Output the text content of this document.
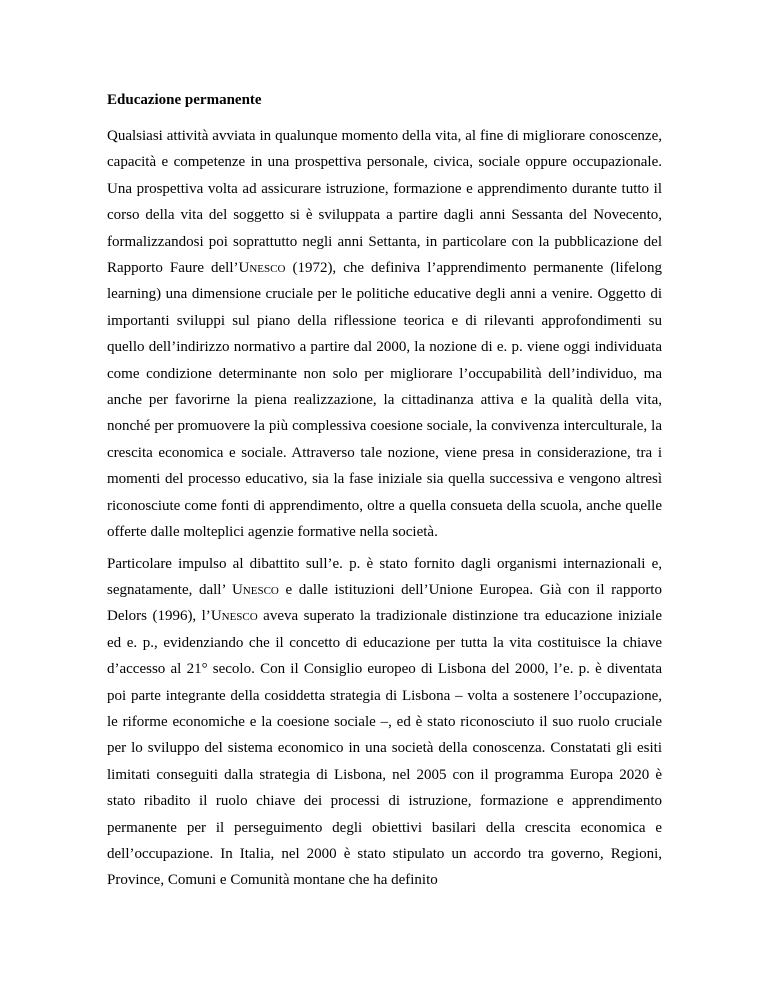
Educazione permanente

Qualsiasi attività avviata in qualunque momento della vita, al fine di migliorare conoscenze, capacità e competenze in una prospettiva personale, civica, sociale oppure occupazionale. Una prospettiva volta ad assicurare istruzione, formazione e apprendimento durante tutto il corso della vita del soggetto si è sviluppata a partire dagli anni Sessanta del Novecento, formalizzandosi poi soprattutto negli anni Settanta, in particolare con la pubblicazione del Rapporto Faure dell’Unesco (1972), che definiva l’apprendimento permanente (lifelong learning) una dimensione cruciale per le politiche educative degli anni a venire. Oggetto di importanti sviluppi sul piano della riflessione teorica e di rilevanti approfondimenti su quello dell’indirizzo normativo a partire dal 2000, la nozione di e. p. viene oggi individuata come condizione determinante non solo per migliorare l’occupabilità dell’individuo, ma anche per favorirne la piena realizzazione, la cittadinanza attiva e la qualità della vita, nonché per promuovere la più complessiva coesione sociale, la convivenza interculturale, la crescita economica e sociale. Attraverso tale nozione, viene presa in considerazione, tra i momenti del processo educativo, sia la fase iniziale sia quella successiva e vengono altresì riconosciute come fonti di apprendimento, oltre a quella consueta della scuola, anche quelle offerte dalle molteplici agenzie formative nella società.

Particolare impulso al dibattito sull’e. p. è stato fornito dagli organismi internazionali e, segnatamente, dall’ Unesco e dalle istituzioni dell’Unione Europea. Già con il rapporto Delors (1996), l’Unesco aveva superato la tradizionale distinzione tra educazione iniziale ed e. p., evidenziando che il concetto di educazione per tutta la vita costituisce la chiave d’accesso al 21° secolo. Con il Consiglio europeo di Lisbona del 2000, l’e. p. è diventata poi parte integrante della cosiddetta strategia di Lisbona – volta a sostenere l’occupazione, le riforme economiche e la coesione sociale –, ed è stato riconosciuto il suo ruolo cruciale per lo sviluppo del sistema economico in una società della conoscenza. Constatati gli esiti limitati conseguiti dalla strategia di Lisbona, nel 2005 con il programma Europa 2020 è stato ribadito il ruolo chiave dei processi di istruzione, formazione e apprendimento permanente per il perseguimento degli obiettivi basilari della crescita economica e dell’occupazione. In Italia, nel 2000 è stato stipulato un accordo tra governo, Regioni, Province, Comuni e Comunità montane che ha definito
